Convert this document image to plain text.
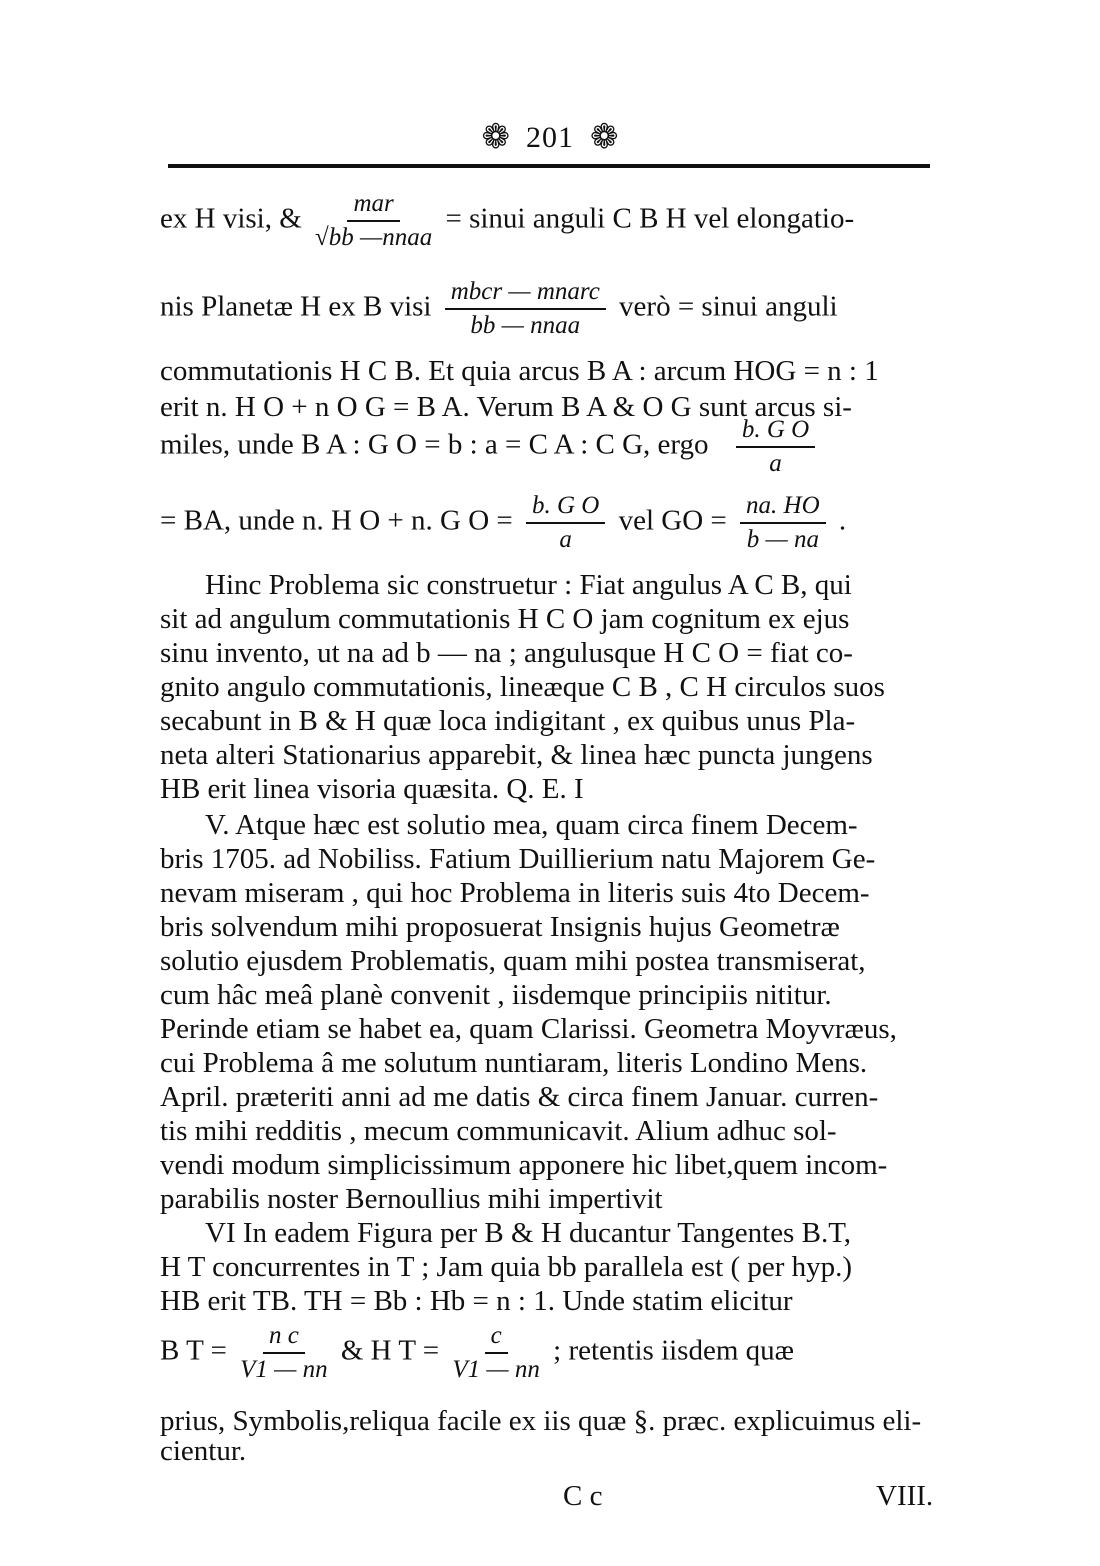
❁ 201 ❁
ex H visi, & $\frac{\text{mar}}{\text{√bb —nnaa}}$ = sinui anguli C B H vel elongatio-
nis Planetæ H ex B visi $\frac{\text{mbcr — mnarc}}{\text{bb — nnaa}}$ verò = sinui anguli
commutationis H C B. Et quia arcus B A : arcum HOG = n : 1
erit n. H O + n O G = B A. Verum B A & O G sunt arcus si-
miles, unde B A : G O = b : a = C A : C G, ergo $\frac{\text{b. G O}}{a}$
= BA, unde n. H O + n. G $O = \frac{\text{b. G O}}{a}$ vel GO = $\frac{na. HO}{b — na}$ .
Hinc Problema sic construetur : Fiat angulus A C B, qui
sit ad angulum commutationis H C O jam cognitum ex ejus
sinu invento, ut na ad b — na ; angulusque H C O = fiat co-
gnito angulo commutationis, lineæque C B , C H circulos suos
secabunt in B & H quæ loca indigitant , ex quibus unus Pla-
neta alteri Stationarius apparebit, & linea hæc puncta jungens
HB erit linea visoria quæsita. Q. E. I
V. Atque hæc est solutio mea, quam circa finem Decem-
bris 1705. ad Nobiliss. Fatium Duillierium natu Majorem Ge-
nevam miseram , qui hoc Problema in literis suis 4to Decem-
bris solvendum mihi proposuerat Insignis hujus Geometræ
solutio ejusdem Problematis, quam mihi postea transmiserat,
cum hâc meâ planè convenit , iisdemque principiis nititur.
Perinde etiam se habet ea, quam Clarissi. Geometra Moyvræus,
cui Problema â me solutum nuntiaram, literis Londino Mens.
April. præteriti anni ad me datis & circa finem Januar. curren-
tis mihi redditis , mecum communicavit. Alium adhuc sol-
vendi modum simplicissimum apponere hic libet,quem incom-
parabilis noster Bernoullius mihi impertivit
VI In eadem Figura per B & H ducantur Tangentes B.T,
H T concurrentes in T ; Jam quia bb parallela est ( per hyp.)
HB erit TB. TH = Bb : Hb = n : 1. Unde statim elicitur
B $T = \frac{\text{n c}}{V1 — nn}$ & H $T = \frac{c}{V1 — nn}$ ; retentis iisdem quæ
prius, Symbolis,reliqua facile ex iis quæ §. præc. explicuimus eli-
cientur.
C c	VIII.
